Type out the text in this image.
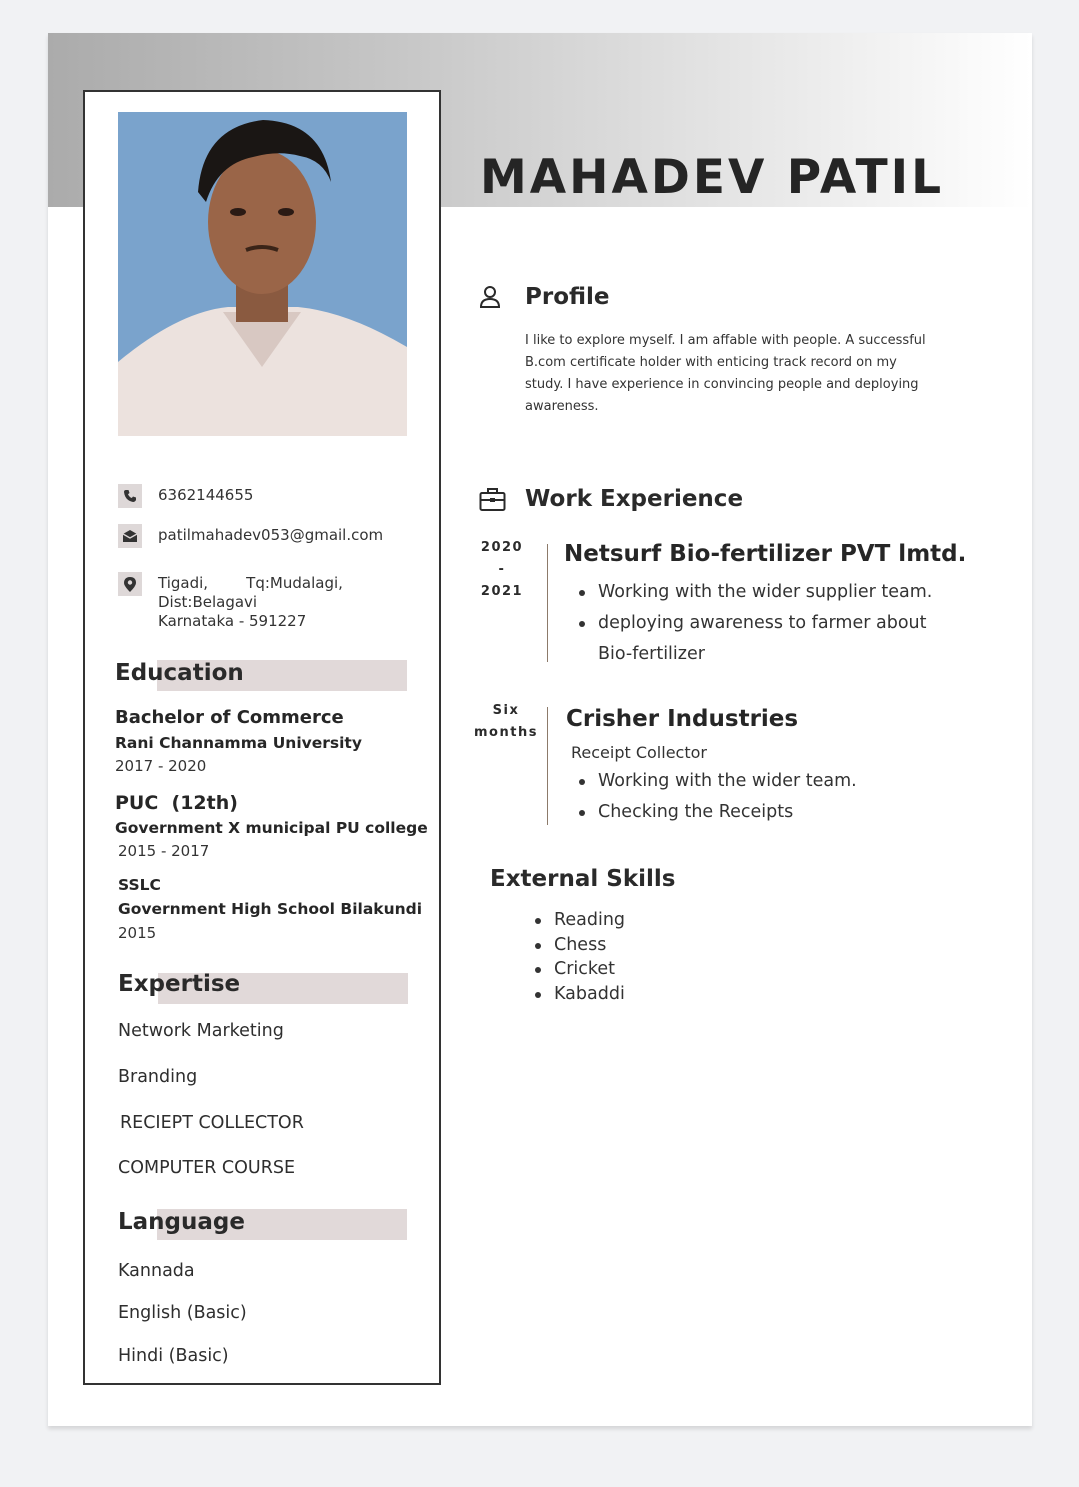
MAHADEV PATIL
6362144655
patilmahadev053@gmail.com
Tigadi,        Tq:Mudalagi,
Dist:Belagavi
Karnataka - 591227
Education
Bachelor of Commerce
Rani Channamma University
2017 - 2020
PUC  (12th)
Government X municipal PU college
2015 - 2017
SSLC
Government High School Bilakundi
2015
Expertise
Network Marketing
Branding
RECIEPT COLLECTOR
COMPUTER COURSE
Language
Kannada
English (Basic)
Hindi (Basic)
Profile
I like to explore myself. I am affable with people. A successful B.com certificate holder with enticing track record on my study. I have experience in convincing people and deploying awareness.
Work Experience
2020
-
2021
Netsurf Bio-fertilizer PVT lmtd.
Working with the wider supplier team.
deploying awareness to farmer about
Bio-fertilizer
Six
months
Crisher Industries
Receipt Collector
Working with the wider team.
Checking the Receipts
External Skills
Reading
Chess
Cricket
Kabaddi
